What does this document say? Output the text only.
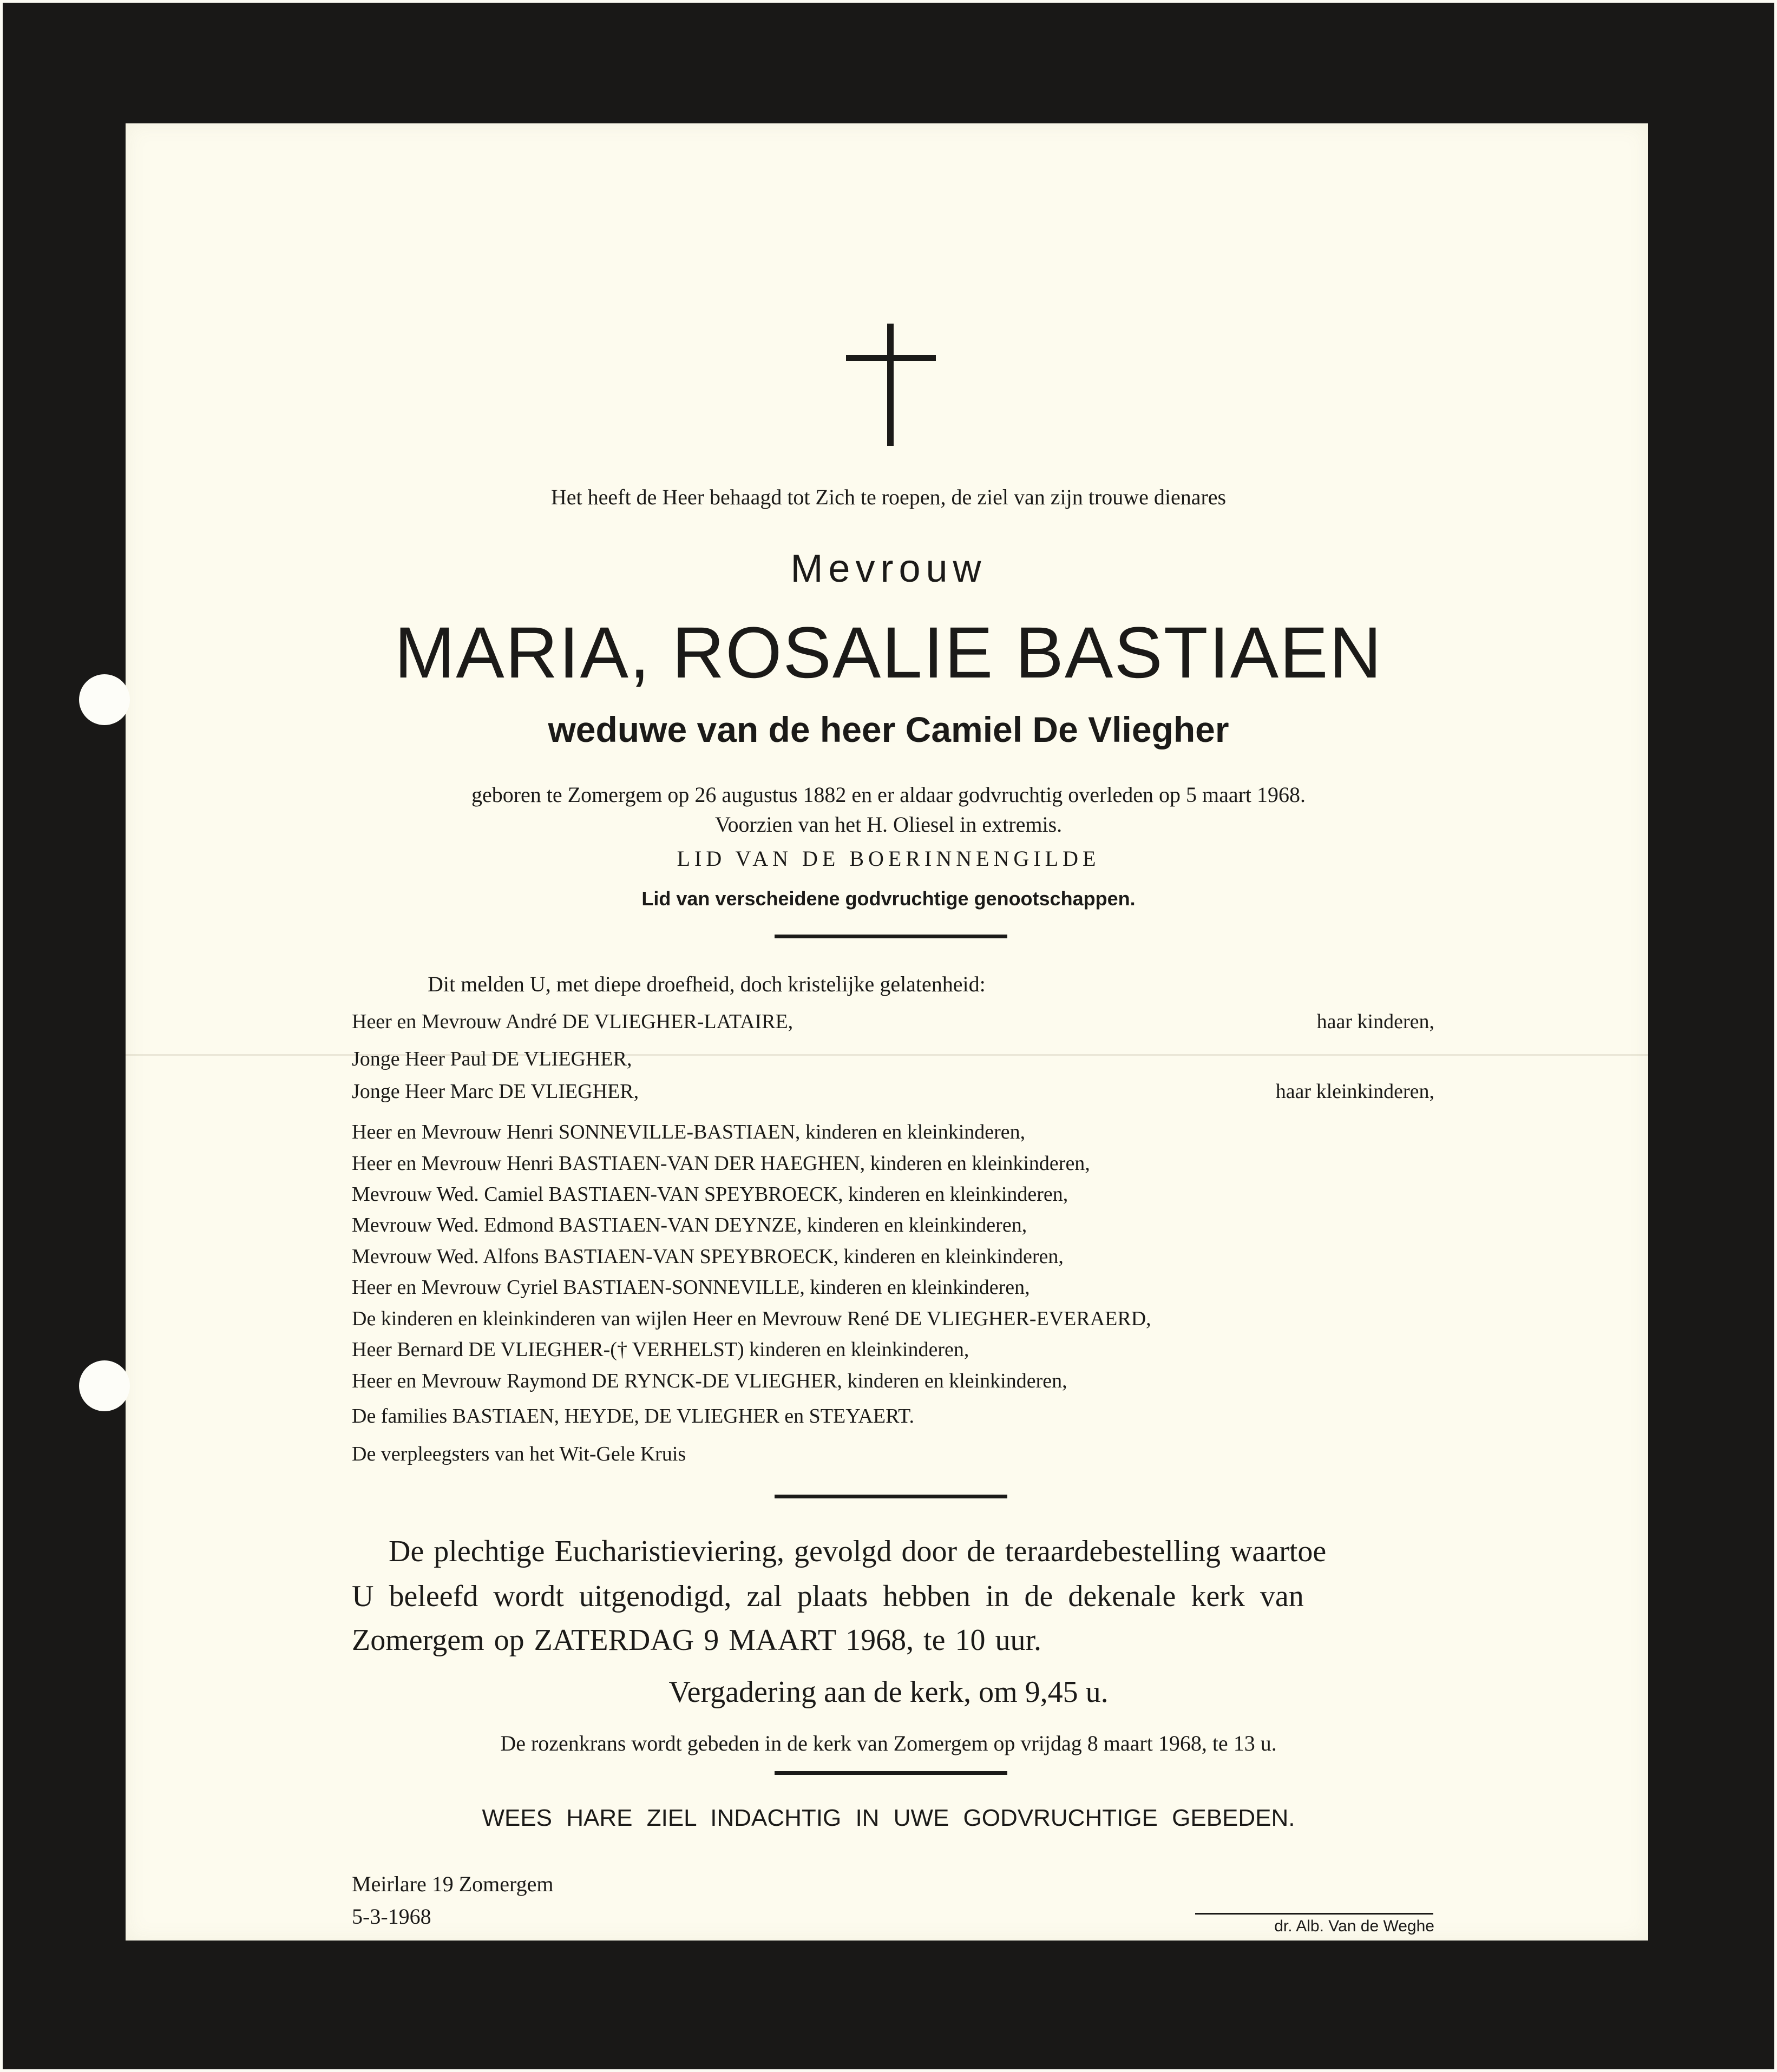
Het heeft de Heer behaagd tot Zich te roepen, de ziel van zijn trouwe dienares

Mevrouw

MARIA, ROSALIE BASTIAEN

weduwe van de heer Camiel De Vliegher

geboren te Zomergem op 26 augustus 1882 en er aldaar godvruchtig overleden op 5 maart 1968.

Voorzien van het H. Oliesel in extremis.

LID VAN DE BOERINNENGILDE

Lid van verscheidene godvruchtige genootschappen.

Dit melden U, met diepe droefheid, doch kristelijke gelatenheid:

Heer en Mevrouw André DE VLIEGHER-LATAIRE,	haar kinderen,
Jonge Heer Paul DE VLIEGHER,
Jonge Heer Marc DE VLIEGHER,	haar kleinkinderen,
Heer en Mevrouw Henri SONNEVILLE-BASTIAEN, kinderen en kleinkinderen,
Heer en Mevrouw Henri BASTIAEN-VAN DER HAEGHEN, kinderen en kleinkinderen,
Mevrouw Wed. Camiel BASTIAEN-VAN SPEYBROECK, kinderen en kleinkinderen,
Mevrouw Wed. Edmond BASTIAEN-VAN DEYNZE, kinderen en kleinkinderen,
Mevrouw Wed. Alfons BASTIAEN-VAN SPEYBROECK, kinderen en kleinkinderen,
Heer en Mevrouw Cyriel BASTIAEN-SONNEVILLE, kinderen en kleinkinderen,
De kinderen en kleinkinderen van wijlen Heer en Mevrouw René DE VLIEGHER-EVERAERD,
Heer Bernard DE VLIEGHER-(† VERHELST) kinderen en kleinkinderen,
Heer en Mevrouw Raymond DE RYNCK-DE VLIEGHER, kinderen en kleinkinderen,
De families BASTIAEN, HEYDE, DE VLIEGHER en STEYAERT.
De verpleegsters van het Wit-Gele Kruis

De plechtige Eucharistieviering, gevolgd door de teraardebestelling waartoe

U beleefd wordt uitgenodigd, zal plaats hebben in de dekenale kerk van

Zomergem op ZATERDAG 9 MAART 1968, te 10 uur.

Vergadering aan de kerk, om 9,45 u.

De rozenkrans wordt gebeden in de kerk van Zomergem op vrijdag 8 maart 1968, te 13 u.

WEES HARE ZIEL INDACHTIG IN UWE GODVRUCHTIGE GEBEDEN.

Meirlare 19 Zomergem

5-3-1968	dr. Alb. Van de Weghe
